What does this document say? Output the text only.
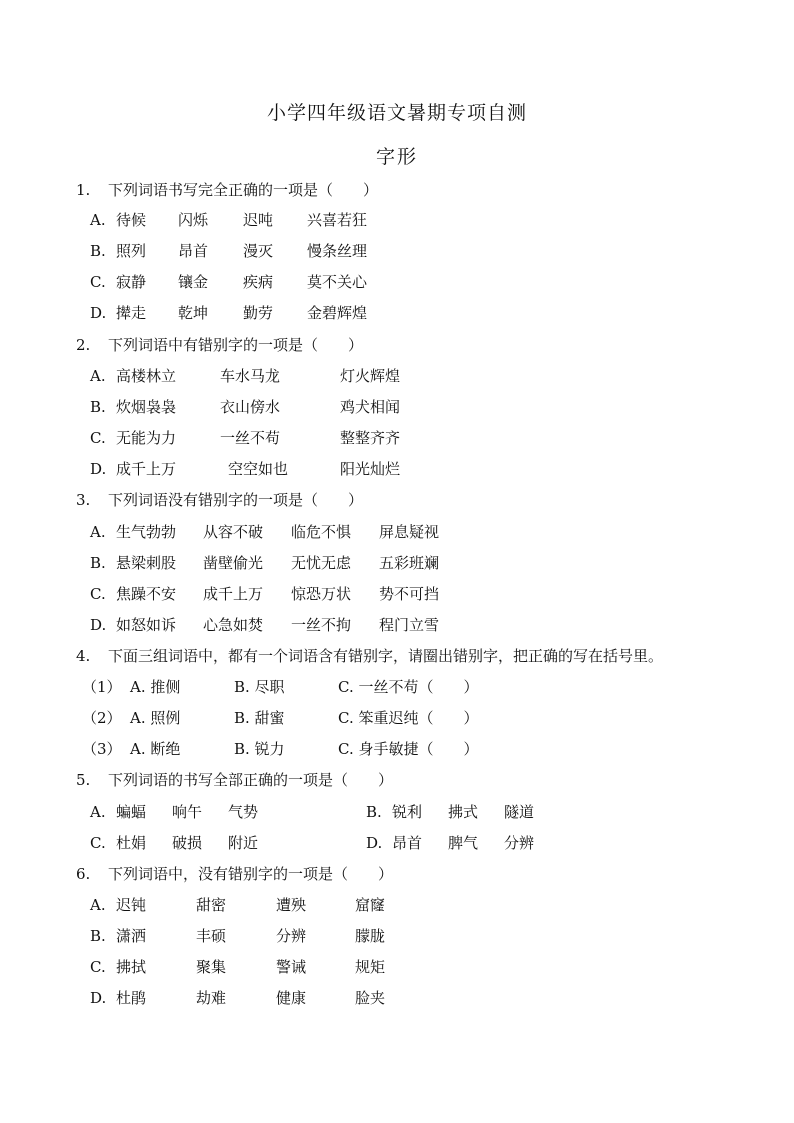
小学四年级语文暑期专项自测
字形
1. 下列词语书写完全正确的一项是（　　）
A. 待候 闪烁 迟吨 兴喜若狂
B. 照列 昂首 漫灭 慢条丝理
C. 寂静 镶金 疾病 莫不关心
D. 撵走 乾坤 勤劳 金碧辉煌
2. 下列词语中有错别字的一项是（　　）
A. 高楼林立	车水马龙	灯火辉煌
B. 炊烟袅袅	衣山傍水	鸡犬相闻
C. 无能为力	一丝不苟	整整齐齐
D. 成千上万	空空如也	阳光灿烂
3. 下列词语没有错别字的一项是（　　）
A. 生气勃勃 从容不破 临危不惧 屏息疑视
B. 悬梁刺股 凿壁偷光 无忧无虑 五彩班斓
C. 焦躁不安 成千上万 惊恐万状 势不可挡
D. 如怒如诉 心急如焚 一丝不拘 程门立雪
4. 下面三组词语中，都有一个词语含有错别字，请圈出错别字，把正确的写在括号里。
（1） A. 推侧	B. 尽职	C. 一丝不苟（　　）
（2） A. 照例	B. 甜蜜	C. 笨重迟纯（　　）
（3） A. 断绝	B. 锐力	C. 身手敏捷（　　）
5. 下列词语的书写全部正确的一项是（　　）
A. 蝙蝠 响午 气势	B. 锐利 拂式 隧道
C. 杜娟 破损 附近	D. 昂首 脾气 分辨
6. 下列词语中，没有错别字的一项是（　　）
A. 迟钝	甜密	遭殃	窟窿
B. 潇洒	丰硕	分辨	朦胧
C. 拂拭	聚集	警诫	规矩
D. 杜鹃	劫难	健康	脸夹
